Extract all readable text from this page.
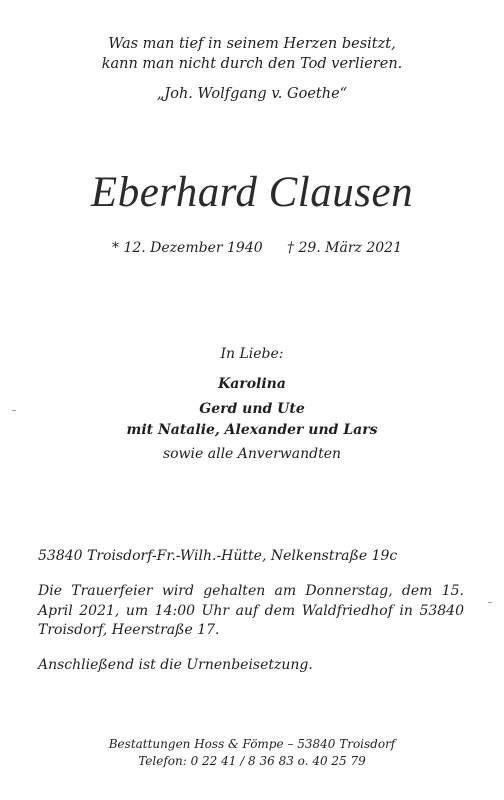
Was man tief in seinem Herzen besitzt,
kann man nicht durch den Tod verlieren.
„Joh. Wolfgang v. Goethe“
Eberhard Clausen
* 12. Dezember 1940 † 29. März 2021
In Liebe:
Karolina
Gerd und Ute
mit Natalie, Alexander und Lars
sowie alle Anverwandten
53840 Troisdorf-Fr.-Wilh.-Hütte, Nelkenstraße 19c
Die Trauerfeier wird gehalten am Donnerstag, dem 15. April 2021, um 14:00 Uhr auf dem Waldfriedhof in 53840 Troisdorf, Heerstraße 17.
Anschließend ist die Urnenbeisetzung.
Bestattungen Hoss & Fömpe – 53840 Troisdorf
Telefon: 0 22 41 / 8 36 83 o. 40 25 79
